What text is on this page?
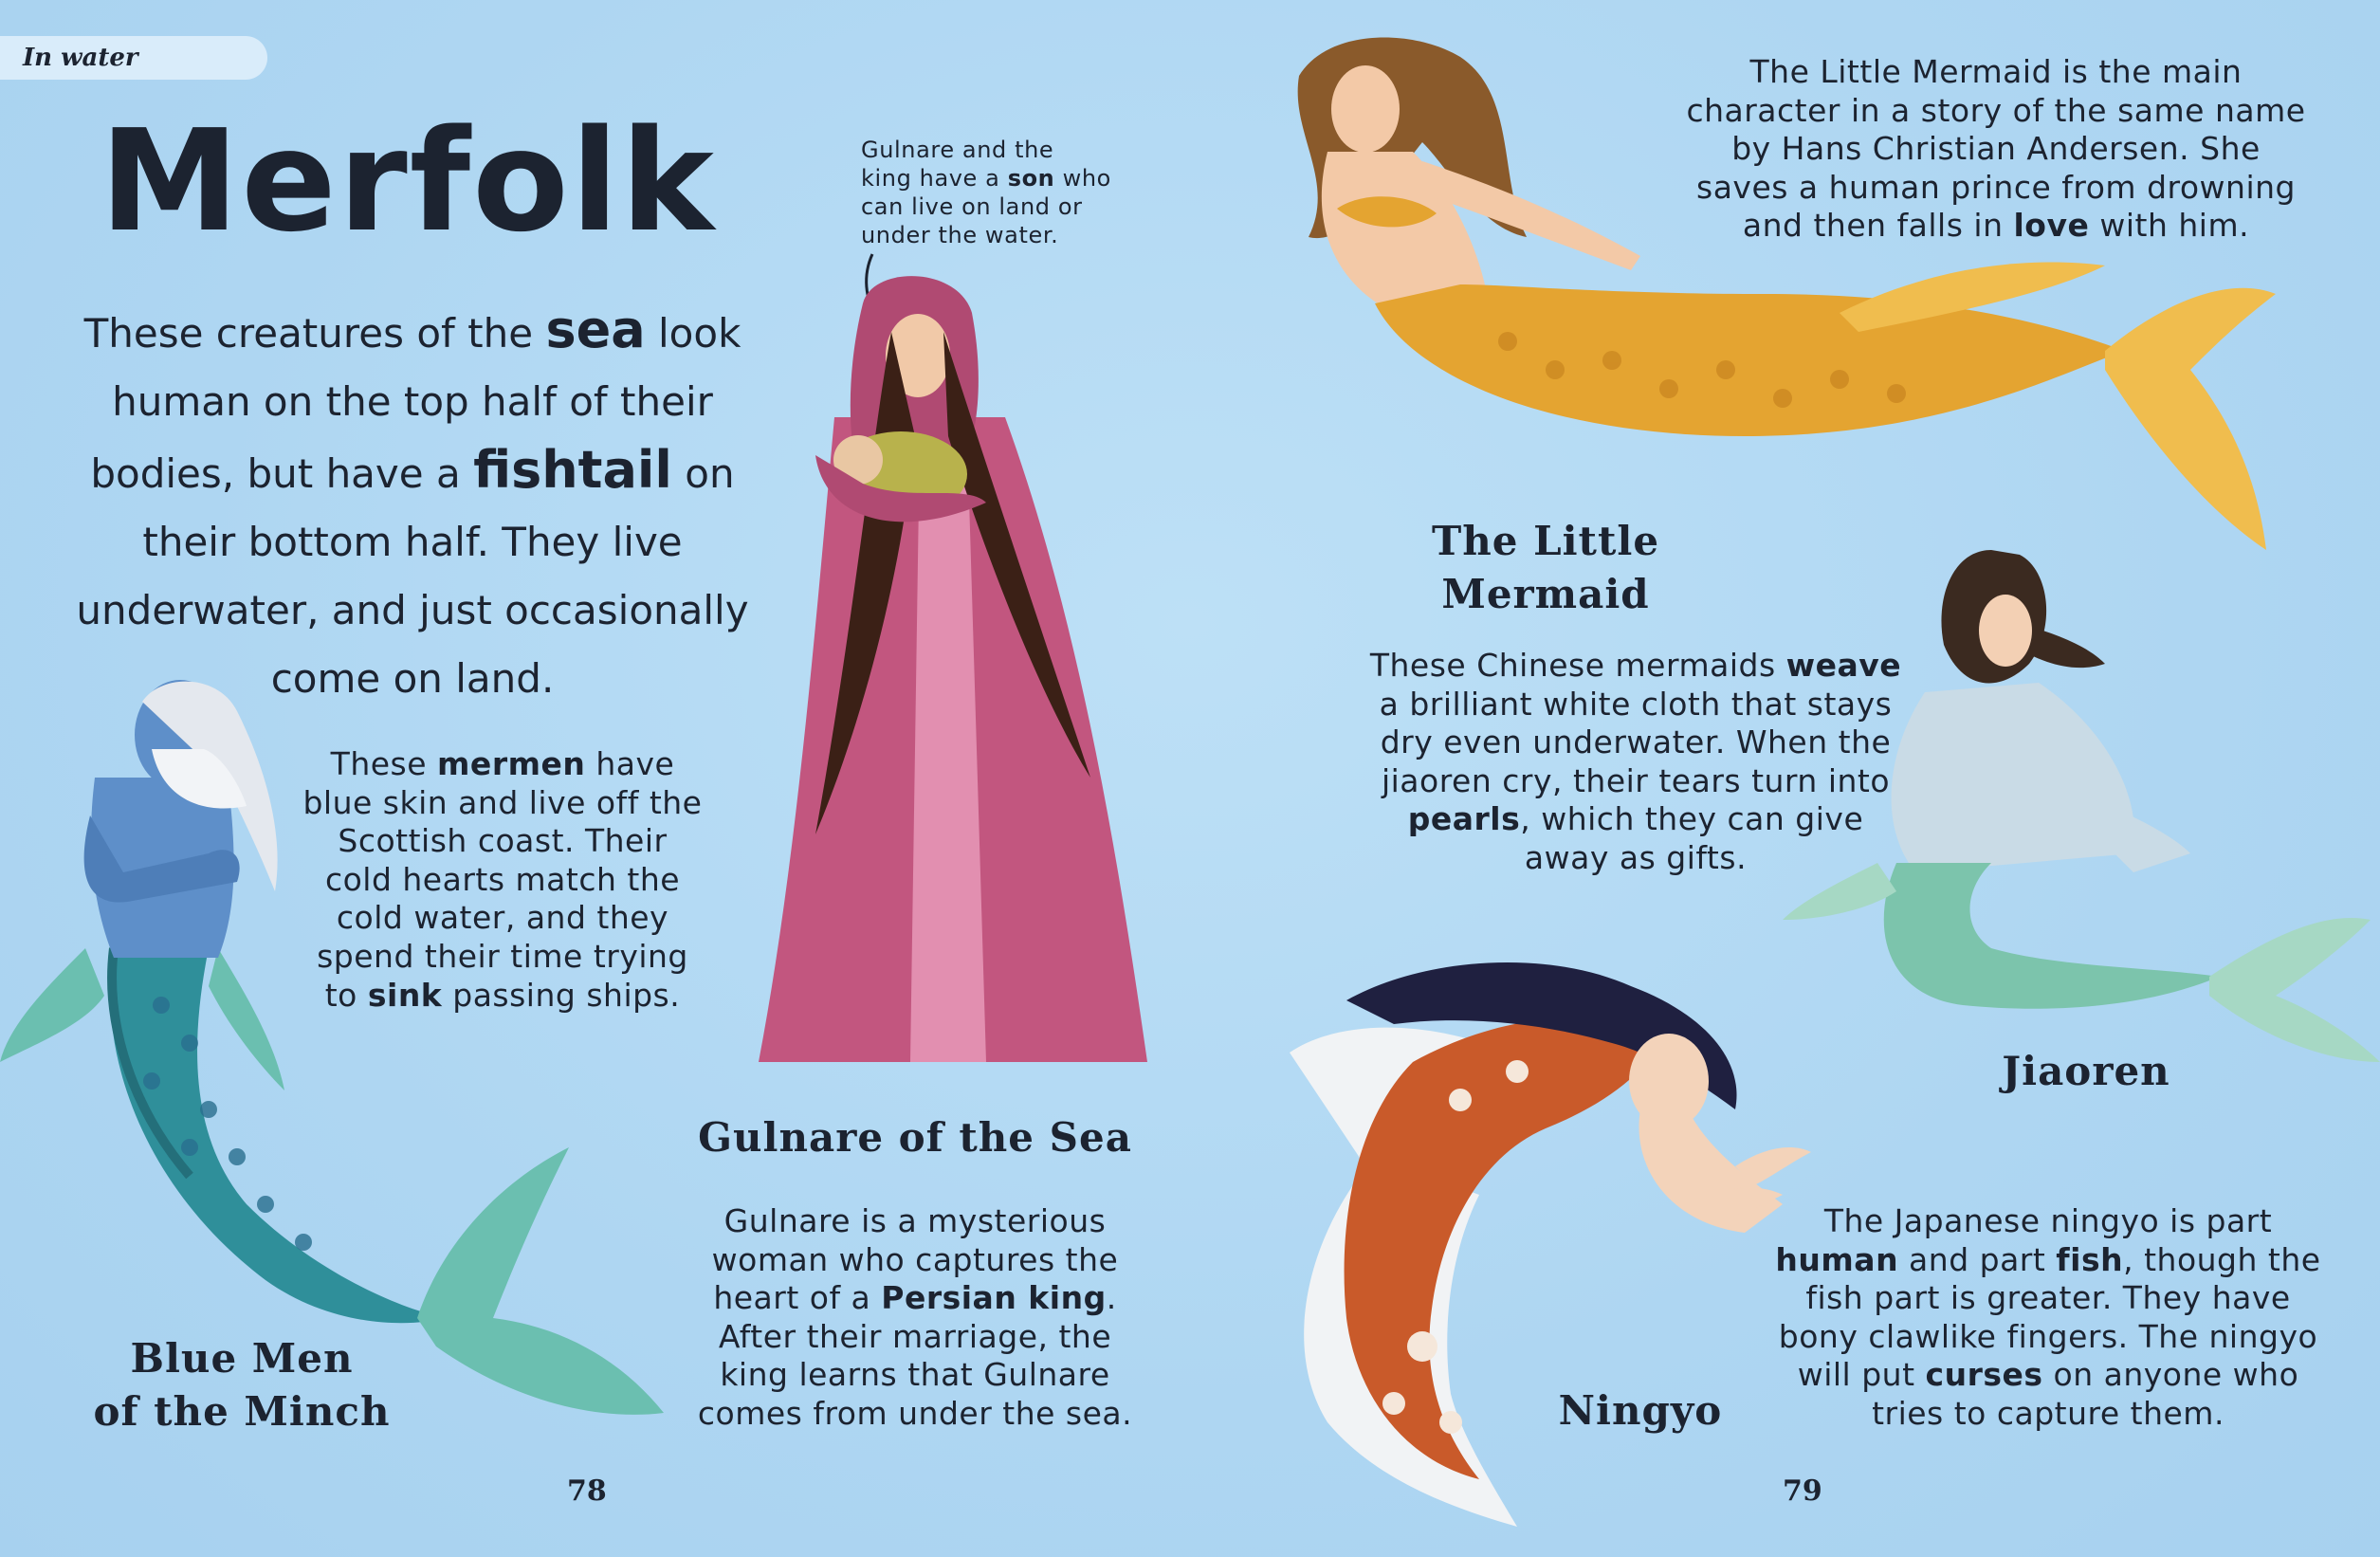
In water
Merfolk
These creatures of the sea look human on the top half of their bodies, but have a fishtail on their bottom half. They live underwater, and just occasionally come on land.
These mermen have
blue skin and live off the
Scottish coast. Their
cold hearts match the
cold water, and they
spend their time trying
to sink passing ships.
Blue Men
of the Minch
Gulnare and the
king have a son who
can live on land or
under the water.
Gulnare of the Sea
Gulnare is a mysterious
woman who captures the
heart of a Persian king.
After their marriage, the
king learns that Gulnare
comes from under the sea.
78
The Little Mermaid is the main
character in a story of the same name
by Hans Christian Andersen. She
saves a human prince from drowning
and then falls in love with him.
The Little Mermaid
These Chinese mermaids weave
a brilliant white cloth that stays
dry even underwater. When the
jiaoren cry, their tears turn into
pearls, which they can give
away as gifts.
Jiaoren
Ningyo
The Japanese ningyo is part
human and part fish, though the
fish part is greater. They have
bony clawlike fingers. The ningyo
will put curses on anyone who
tries to capture them.
79
